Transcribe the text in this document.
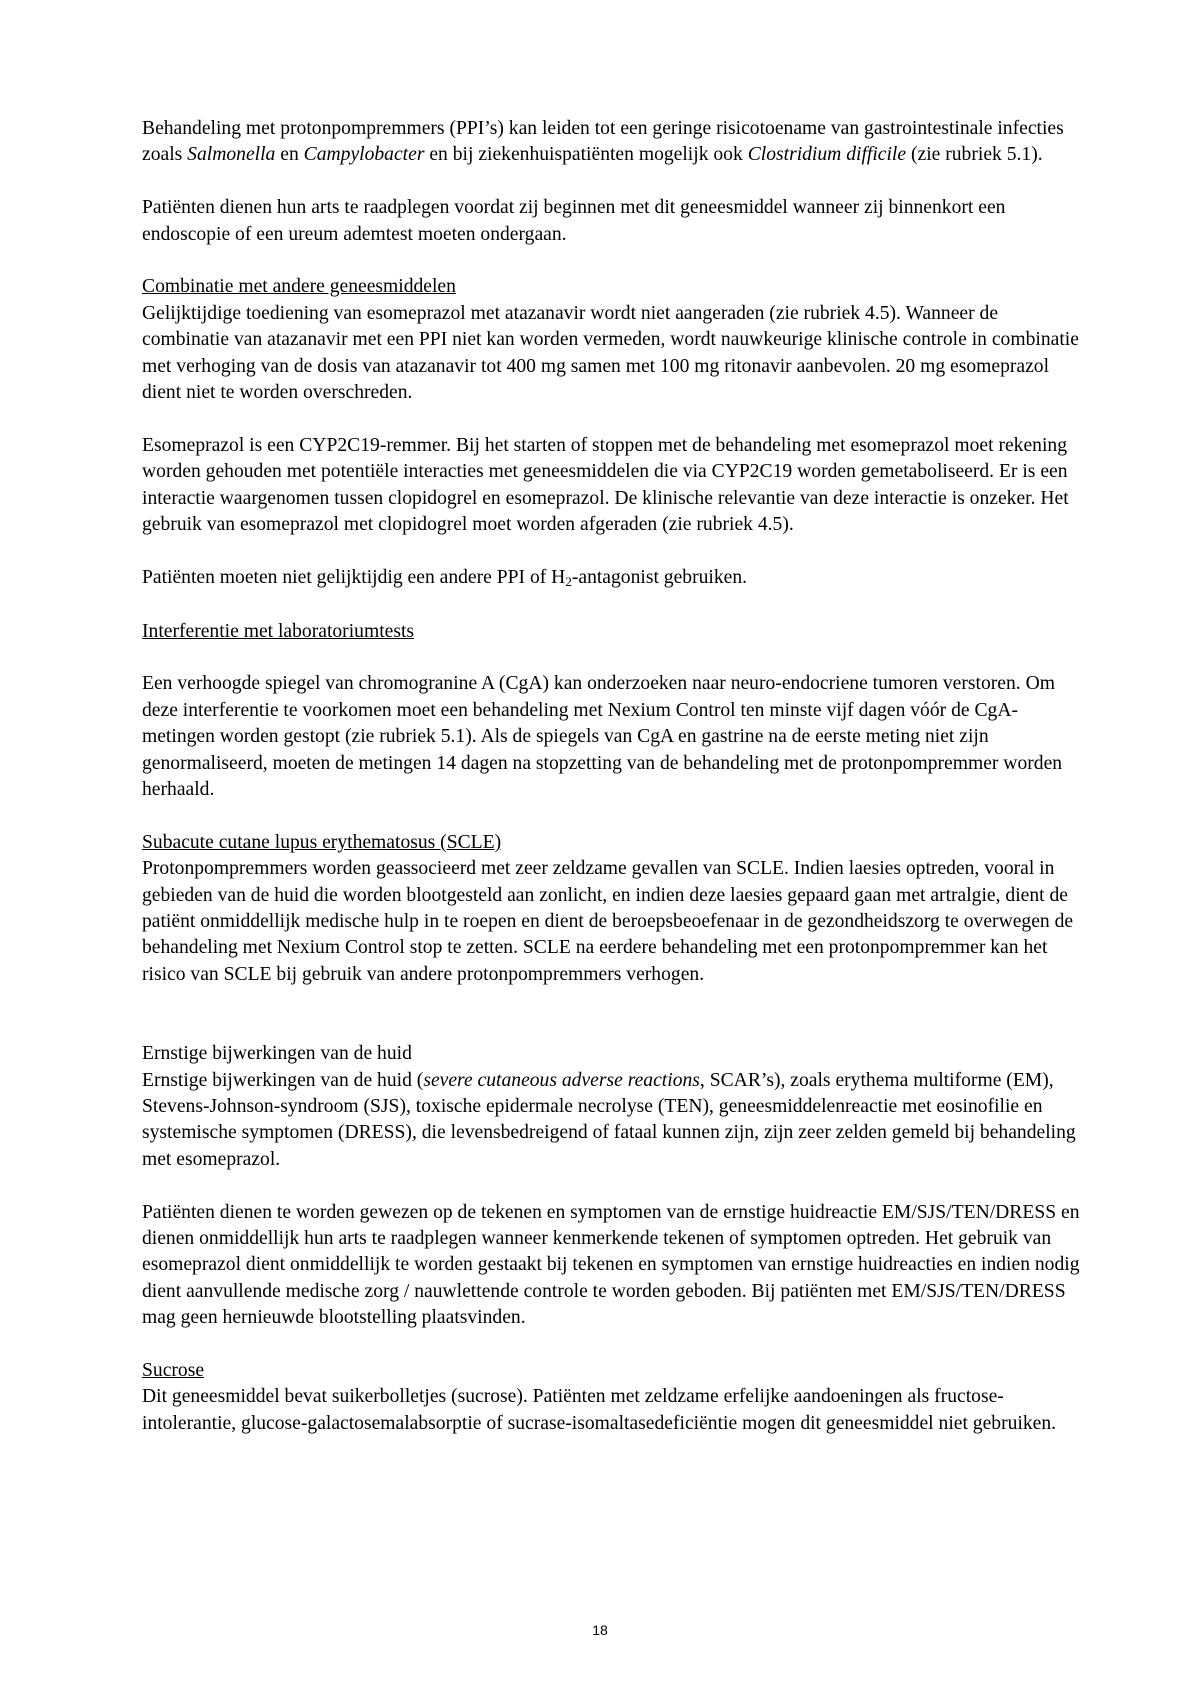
Behandeling met protonpompremmers (PPI’s) kan leiden tot een geringe risicotoename van gastrointestinale infecties zoals Salmonella en Campylobacter en bij ziekenhuispatiënten mogelijk ook Clostridium difficile (zie rubriek 5.1).

Patiënten dienen hun arts te raadplegen voordat zij beginnen met dit geneesmiddel wanneer zij binnenkort een endoscopie of een ureum ademtest moeten ondergaan.

Combinatie met andere geneesmiddelen

Gelijktijdige toediening van esomeprazol met atazanavir wordt niet aangeraden (zie rubriek 4.5). Wanneer de combinatie van atazanavir met een PPI niet kan worden vermeden, wordt nauwkeurige klinische controle in combinatie met verhoging van de dosis van atazanavir tot 400 mg samen met 100 mg ritonavir aanbevolen. 20 mg esomeprazol dient niet te worden overschreden.

Esomeprazol is een CYP2C19-remmer. Bij het starten of stoppen met de behandeling met esomeprazol moet rekening worden gehouden met potentiële interacties met geneesmiddelen die via CYP2C19 worden gemetaboliseerd. Er is een interactie waargenomen tussen clopidogrel en esomeprazol. De klinische relevantie van deze interactie is onzeker. Het gebruik van esomeprazol met clopidogrel moet worden afgeraden (zie rubriek 4.5).

Patiënten moeten niet gelijktijdig een andere PPI of $H_2$-antagonist gebruiken.

Interferentie met laboratoriumtests

Een verhoogde spiegel van chromogranine A (CgA) kan onderzoeken naar neuro-endocriene tumoren verstoren. Om deze interferentie te voorkomen moet een behandeling met Nexium Control ten minste vijf dagen vóór de CgA-metingen worden gestopt (zie rubriek 5.1). Als de spiegels van CgA en gastrine na de eerste meting niet zijn genormaliseerd, moeten de metingen 14 dagen na stopzetting van de behandeling met de protonpompremmer worden herhaald.

Subacute cutane lupus erythematosus (SCLE)

Protonpompremmers worden geassocieerd met zeer zeldzame gevallen van SCLE. Indien laesies optreden, vooral in gebieden van de huid die worden blootgesteld aan zonlicht, en indien deze laesies gepaard gaan met artralgie, dient de patiënt onmiddellijk medische hulp in te roepen en dient de beroepsbeoefenaar in de gezondheidszorg te overwegen de behandeling met Nexium Control stop te zetten. SCLE na eerdere behandeling met een protonpompremmer kan het risico van SCLE bij gebruik van andere protonpompremmers verhogen.

Ernstige bijwerkingen van de huid

Ernstige bijwerkingen van de huid (severe cutaneous adverse reactions, SCAR’s), zoals erythema multiforme (EM), Stevens-Johnson-syndroom (SJS), toxische epidermale necrolyse (TEN), geneesmiddelenreactie met eosinofilie en systemische symptomen (DRESS), die levensbedreigend of fataal kunnen zijn, zijn zeer zelden gemeld bij behandeling met esomeprazol.

Patiënten dienen te worden gewezen op de tekenen en symptomen van de ernstige huidreactie EM/SJS/TEN/DRESS en dienen onmiddellijk hun arts te raadplegen wanneer kenmerkende tekenen of symptomen optreden. Het gebruik van esomeprazol dient onmiddellijk te worden gestaakt bij tekenen en symptomen van ernstige huidreacties en indien nodig dient aanvullende medische zorg / nauwlettende controle te worden geboden. Bij patiënten met EM/SJS/TEN/DRESS mag geen hernieuwde blootstelling plaatsvinden.

Sucrose

Dit geneesmiddel bevat suikerbolletjes (sucrose). Patiënten met zeldzame erfelijke aandoeningen als fructose-intolerantie, glucose-galactosemalabsorptie of sucrase-isomaltasedeficiëntie mogen dit geneesmiddel niet gebruiken.

18
